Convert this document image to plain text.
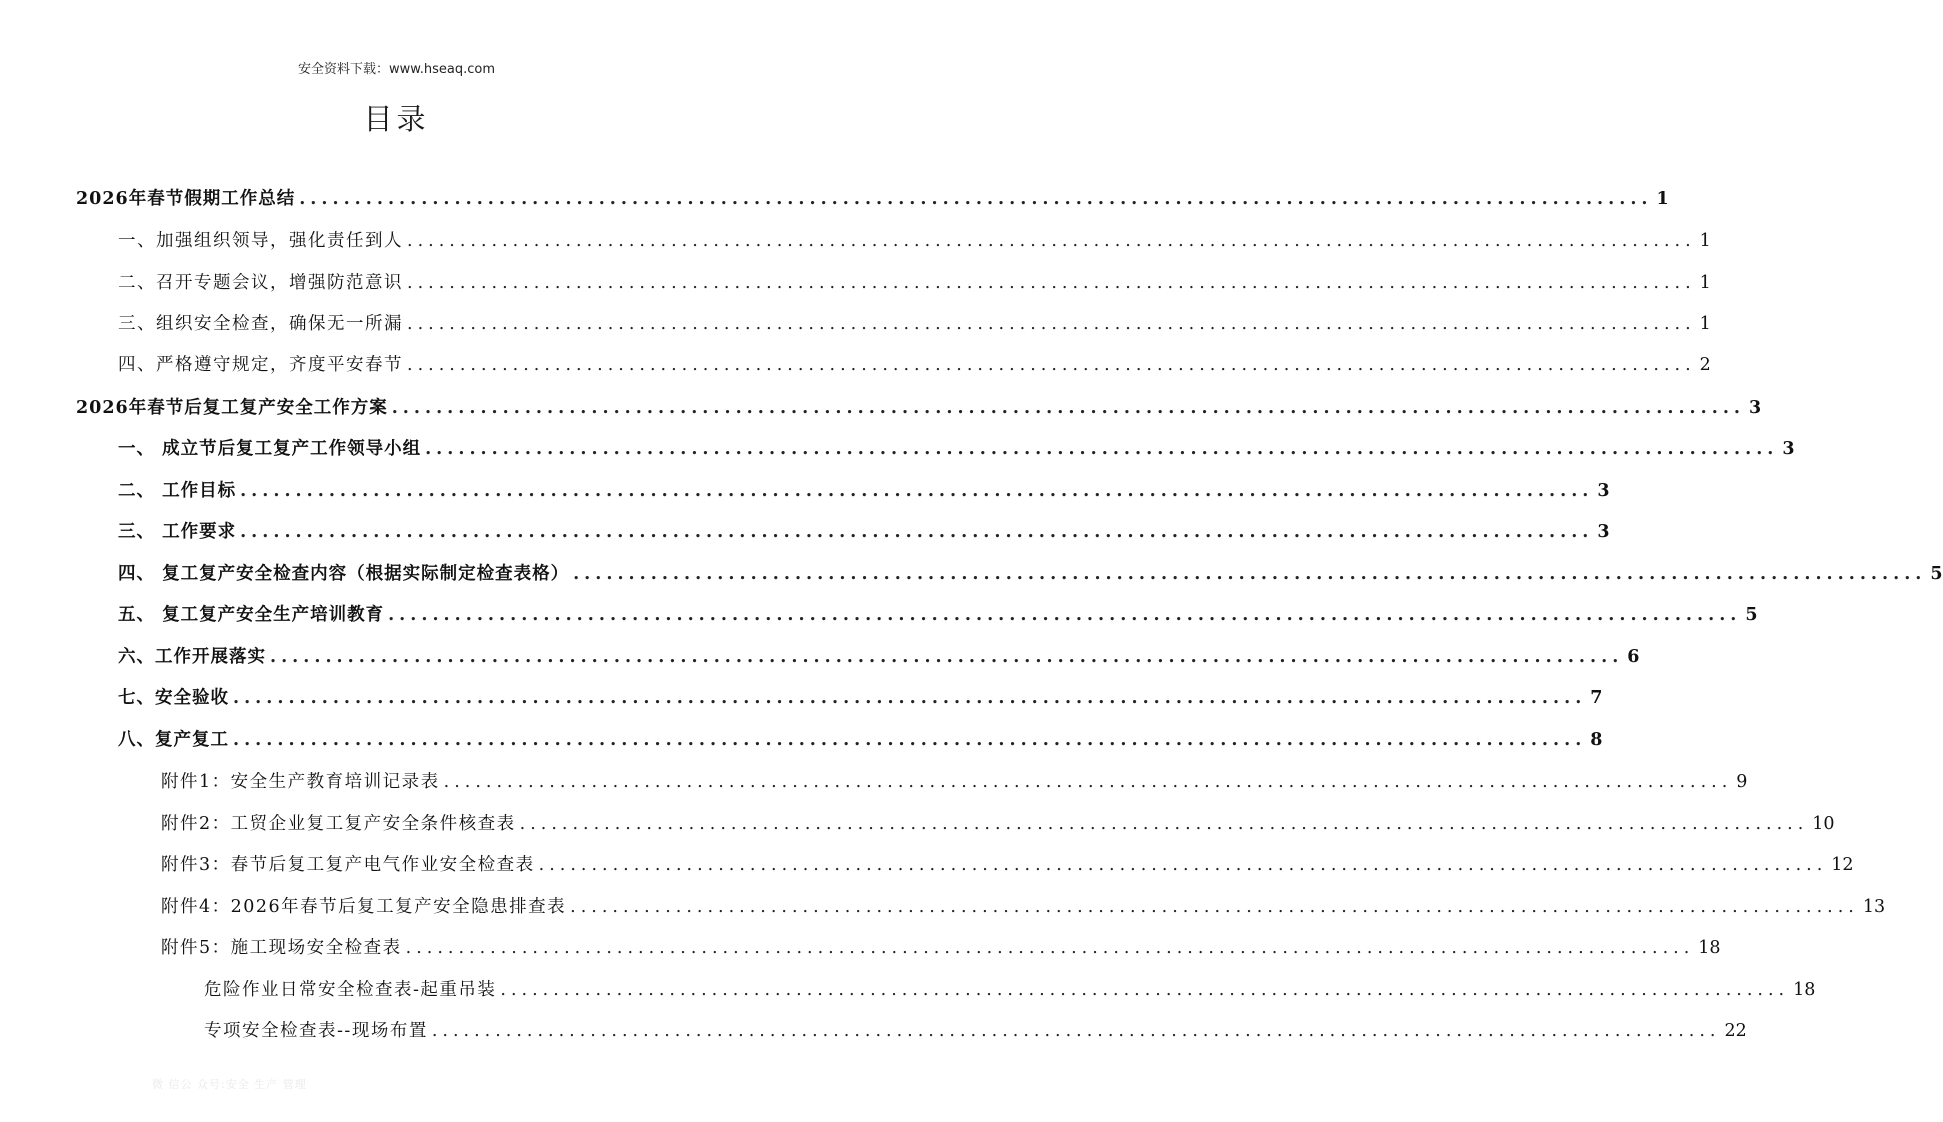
安全资料下载：www.hseaq.com
目录
2026年春节假期工作总结 .......................................................................................................................... 1
一、加强组织领导，强化责任到人 .......................................................................................................................... 1
二、召开专题会议，增强防范意识 .......................................................................................................................... 1
三、组织安全检查，确保无一所漏 .......................................................................................................................... 1
四、严格遵守规定，齐度平安春节 .......................................................................................................................... 2
2026年春节后复工复产安全工作方案 .......................................................................................................................... 3
一、 成立节后复工复产工作领导小组 .......................................................................................................................... 3
二、 工作目标 .......................................................................................................................... 3
三、 工作要求 .......................................................................................................................... 3
四、 复工复产安全检查内容（根据实际制定检查表格） .......................................................................................................................... 5
五、 复工复产安全生产培训教育 .......................................................................................................................... 5
六、工作开展落实 .......................................................................................................................... 6
七、安全验收 .......................................................................................................................... 7
八、复产复工 .......................................................................................................................... 8
附件1：安全生产教育培训记录表 .......................................................................................................................... 9
附件2：工贸企业复工复产安全条件核查表 .......................................................................................................................... 10
附件3：春节后复工复产电气作业安全检查表 .......................................................................................................................... 12
附件4：2026年春节后复工复产安全隐患排查表 .......................................................................................................................... 13
附件5：施工现场安全检查表 .......................................................................................................................... 18
危险作业日常安全检查表-起重吊装 .......................................................................................................................... 18
专项安全检查表--现场布置 .......................................................................................................................... 22
微 信公 众号:安全 生产 管理
